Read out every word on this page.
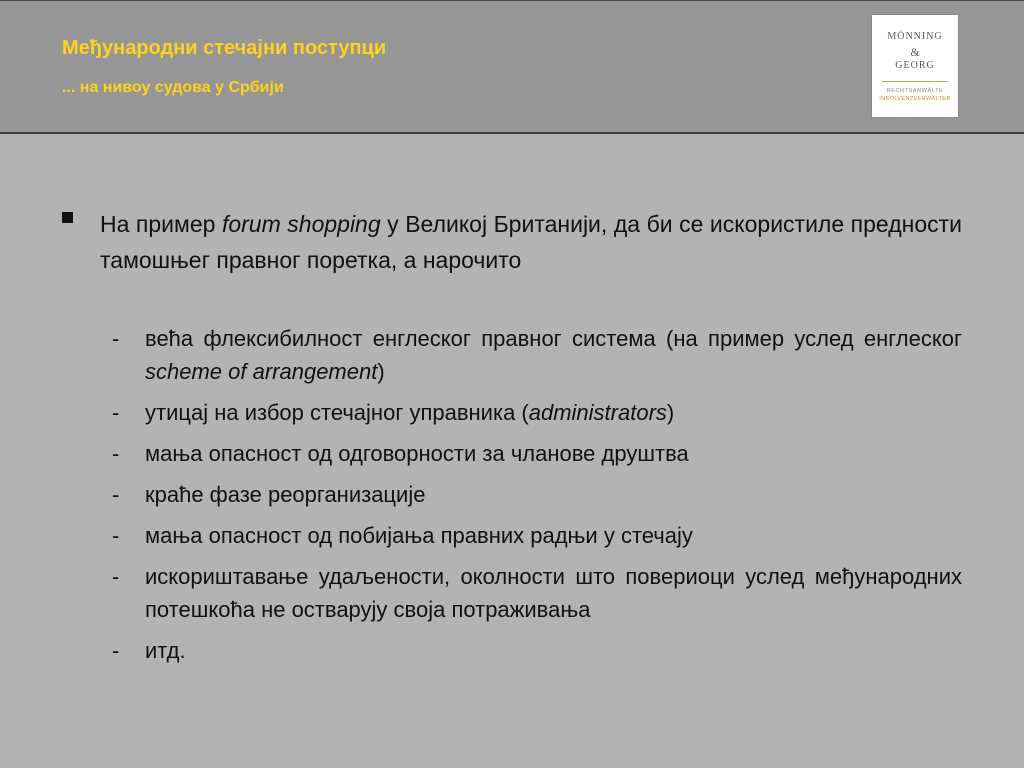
Међународни стечајни поступци
... на нивоу судова у Србији
MÖNNING
&
GEORG
RECHTSANWÄLTE
INSOLVENZVERWALTER
На пример forum shopping у Великој Британији, да би се искористиле предности тамошњег правног поретка, а нарочито
- већа флексибилност енглеског правног система (на пример услед енглеског scheme of arrangement)
- утицај на избор стечајног управника (administrators)
- мања опасност од одговорности за чланове друштва
- краће фазе реорганизације
- мања опасност од побијања правних радњи у стечају
- искориштавање удаљености, околности што повериоци услед међународних потешкоћа не остварују своја потраживања
- итд.
